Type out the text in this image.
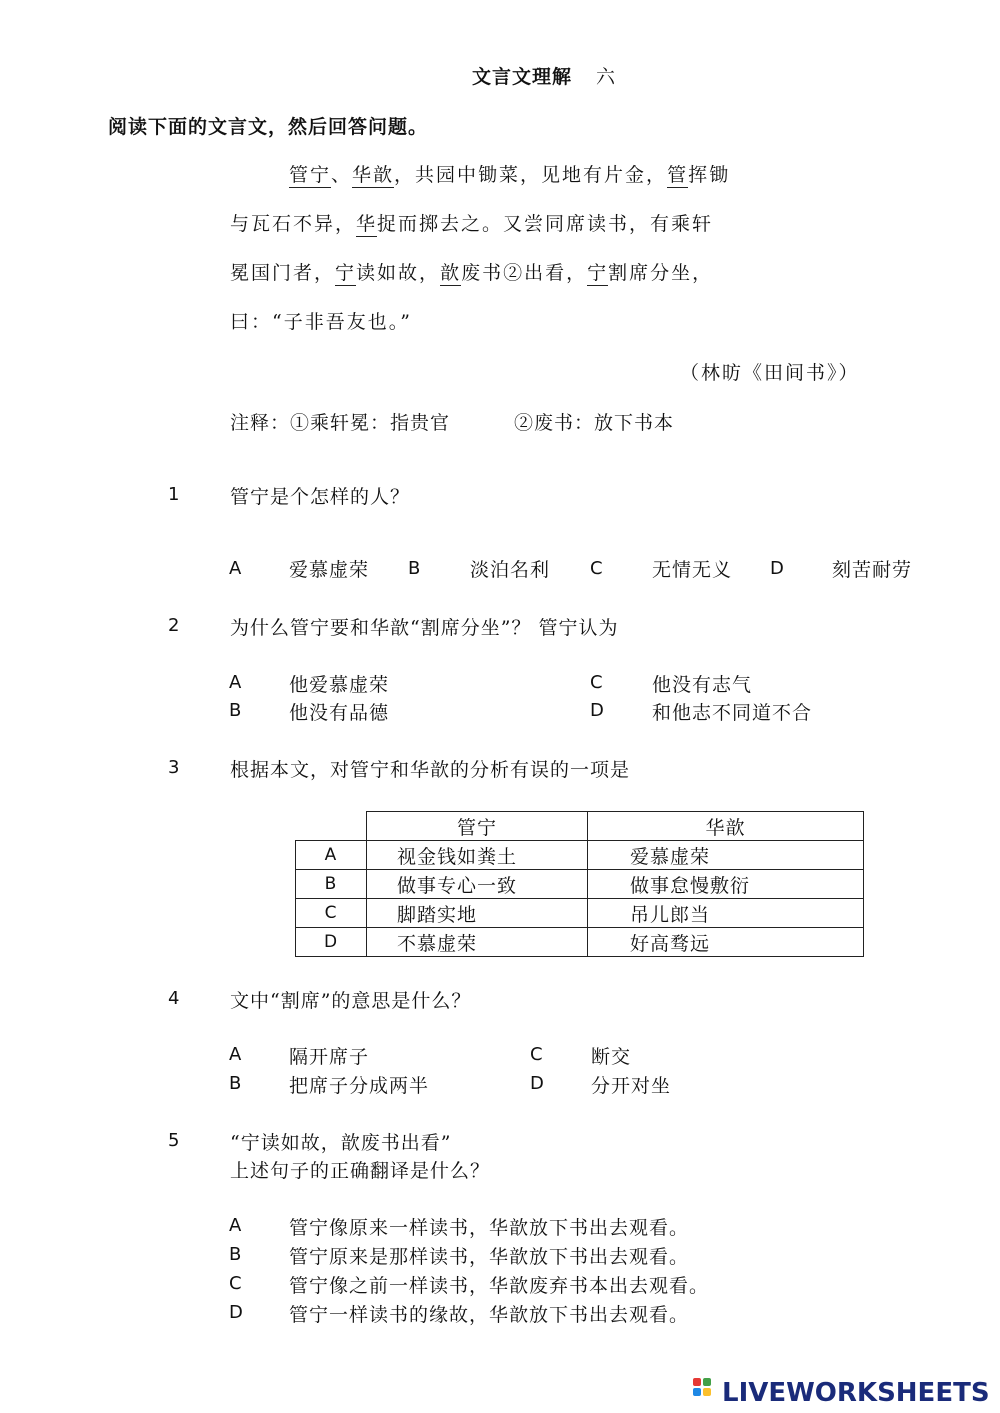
文言文理解 六
阅读下面的文言文，然后回答问题。
管宁、华歆，共园中锄菜，见地有片金，管挥锄
与瓦石不异，华捉而掷去之。又尝同席读书，有乘轩
冕国门者，宁读如故，歆废书②出看，宁割席分坐，
曰：“子非吾友也。”
（林昉《田间书》）
注释：①乘轩冕：指贵官	②废书：放下书本
1	管宁是个怎样的人？
A	爱慕虚荣 B	淡泊名利 C	无情无义 D	刻苦耐劳
2	为什么管宁要和华歆“割席分坐”？ 管宁认为
A	他爱慕虚荣
B	他没有品德
C	他没有志气
D	和他志不同道不合
3	根据本文，对管宁和华歆的分析有误的一项是
	管宁	华歆
A	视金钱如粪土	爱慕虚荣
B	做事专心一致	做事怠慢敷衍
C	脚踏实地	吊儿郎当
D	不慕虚荣	好高骛远
4	文中“割席”的意思是什么？
A	隔开席子
B	把席子分成两半
C	断交
D 分开对坐
5	“宁读如故，歆废书出看”
上述句子的正确翻译是什么？
A	管宁像原来一样读书，华歆放下书出去观看。
B	管宁原来是那样读书，华歆放下书出去观看。
C 管宁像之前一样读书，华歆废弃书本出去观看。
D 管宁一样读书的缘故，华歆放下书出去观看。
LIVEWORKSHEETS
